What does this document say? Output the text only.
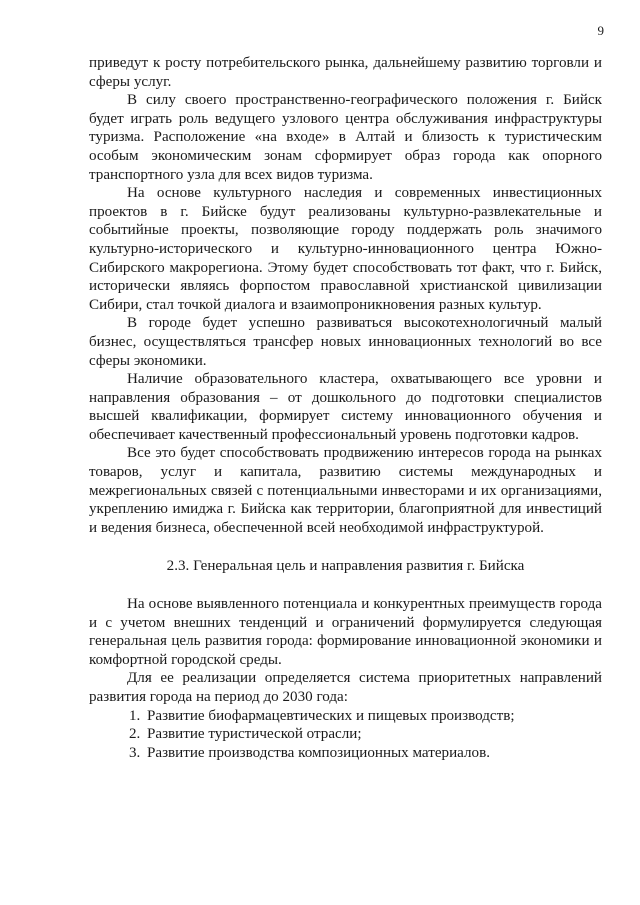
9

приведут к росту потребительского рынка, дальнейшему развитию торговли и сферы услуг.

В силу своего пространственно-географического положения г. Бийск будет играть роль ведущего узлового центра обслуживания инфраструктуры туризма. Расположение «на входе» в Алтай и близость к туристическим особым экономическим зонам сформирует образ города как опорного транспортного узла для всех видов туризма.

На основе культурного наследия и современных инвестиционных проектов в г. Бийске будут реализованы культурно-развлекательные и событийные проекты, позволяющие городу поддержать роль значимого культурно-исторического и культурно-инновационного центра Южно-Сибирского макрорегиона. Этому будет способствовать тот факт, что г. Бийск, исторически являясь форпостом православной христианской цивилизации Сибири, стал точкой диалога и взаимопроникновения разных культур.

В городе будет успешно развиваться высокотехнологичный малый бизнес, осуществляться трансфер новых инновационных технологий во все сферы экономики.

Наличие образовательного кластера, охватывающего все уровни и направления образования – от дошкольного до подготовки специалистов высшей квалификации, формирует систему инновационного обучения и обеспечивает качественный профессиональный уровень подготовки кадров.

Все это будет способствовать продвижению интересов города на рынках товаров, услуг и капитала, развитию системы международных и межрегиональных связей с потенциальными инвесторами и их организациями, укреплению имиджа г. Бийска как территории, благоприятной для инвестиций и ведения бизнеса, обеспеченной всей необходимой инфраструктурой.

2.3. Генеральная цель и направления развития г. Бийска

На основе выявленного потенциала и конкурентных преимуществ города и с учетом внешних тенденций и ограничений формулируется следующая генеральная цель развития города: формирование инновационной экономики и комфортной городской среды.

Для ее реализации определяется система приоритетных направлений развития города на период до 2030 года:

1. Развитие биофармацевтических и пищевых производств;
2. Развитие туристической отрасли;
3. Развитие производства композиционных материалов.
